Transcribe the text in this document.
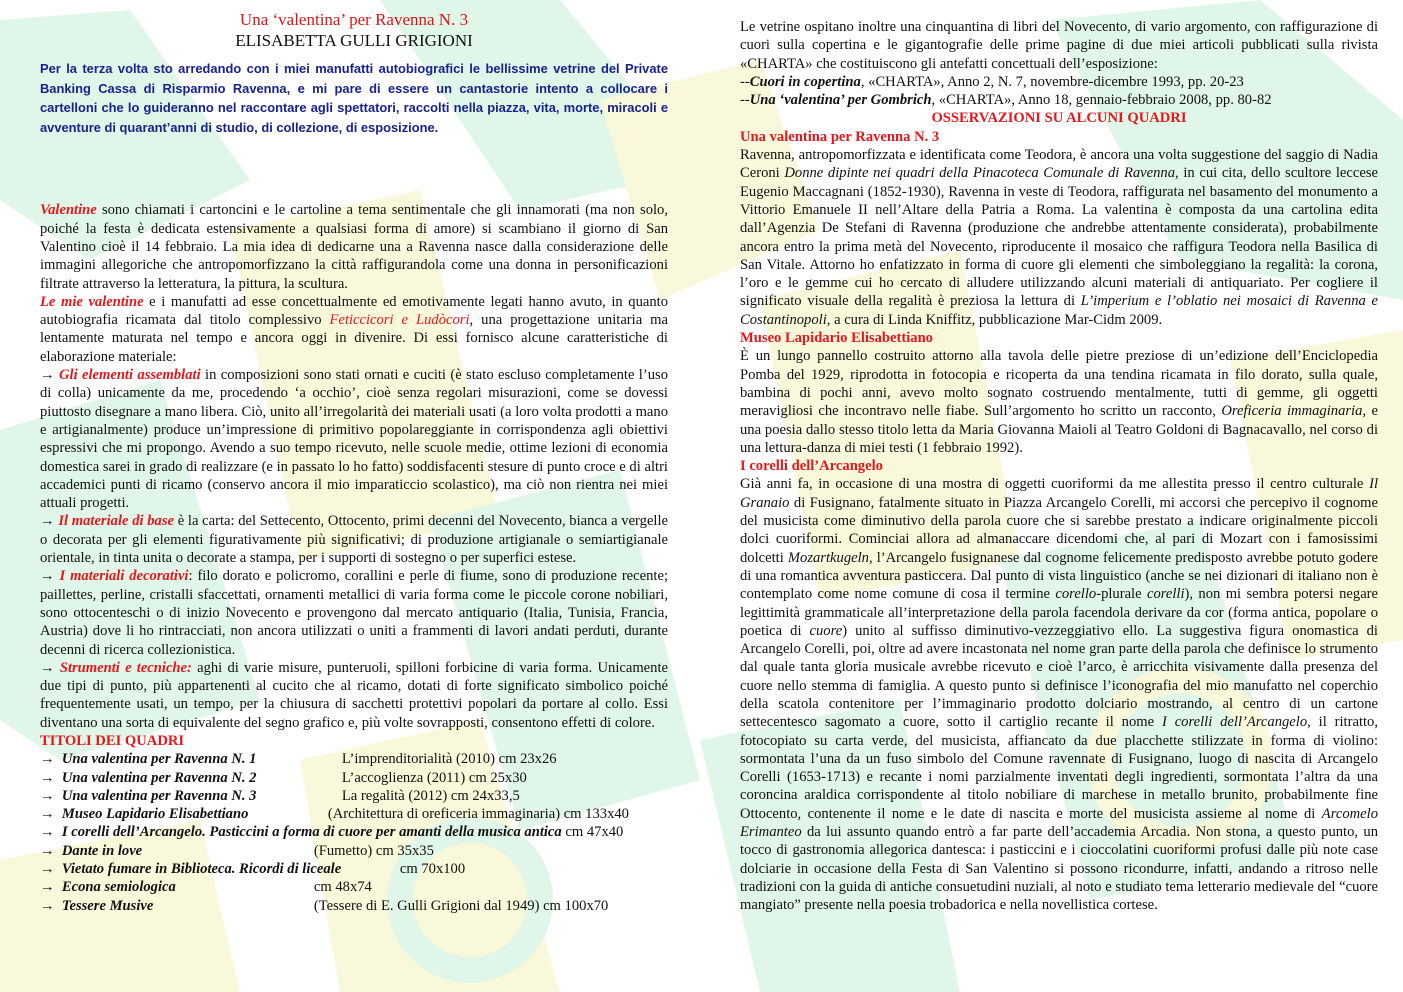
Una ‘valentina’ per Ravenna N. 3
ELISABETTA GULLI GRIGIONI

Per la terza volta sto arredando con i miei manufatti autobiografici le bellissime vetrine del Private Banking Cassa di Risparmio Ravenna, e mi pare di essere un cantastorie intento a collocare i cartelloni che lo guideranno nel raccontare agli spettatori, raccolti nella piazza, vita, morte, miracoli e avventure di quarant’anni di studio, di collezione, di esposizione.

Valentine sono chiamati i cartoncini e le cartoline a tema sentimentale che gli innamorati (ma non solo, poiché la festa è dedicata estensivamente a qualsiasi forma di amore) si scambiano il giorno di San Valentino cioè il 14 febbraio. La mia idea di dedicarne una a Ravenna nasce dalla considerazione delle immagini allegoriche che antropomorfizzano la città raffigurandola come una donna in personificazioni filtrate attraverso la letteratura, la pittura, la scultura.

Le mie valentine e i manufatti ad esse concettualmente ed emotivamente legati hanno avuto, in quanto autobiografia ricamata dal titolo complessivo Feticcicori e Ludòcori, una progettazione unitaria ma lentamente maturata nel tempo e ancora oggi in divenire. Di essi fornisco alcune caratteristiche di elaborazione materiale:

→ Gli elementi assemblati in composizioni sono stati ornati e cuciti (è stato escluso completamente l’uso di colla) unicamente da me, procedendo ‘a occhio’, cioè senza regolari misurazioni, come se dovessi piuttosto disegnare a mano libera. Ciò, unito all’irregolarità dei materiali usati (a loro volta prodotti a mano e artigianalmente) produce un’impressione di primitivo popolareggiante in corrispondenza agli obiettivi espressivi che mi propongo. Avendo a suo tempo ricevuto, nelle scuole medie, ottime lezioni di economia domestica sarei in grado di realizzare (e in passato lo ho fatto) soddisfacenti stesure di punto croce e di altri accademici punti di ricamo (conservo ancora il mio imparaticcio scolastico), ma ciò non rientra nei miei attuali progetti.

→ Il materiale di base è la carta: del Settecento, Ottocento, primi decenni del Novecento, bianca a vergelle o decorata per gli elementi figurativamente più significativi; di produzione artigianale o semiartigianale orientale, in tinta unita o decorate a stampa, per i supporti di sostegno o per superfici estese.

→ I materiali decorativi: filo dorato e policromo, corallini e perle di fiume, sono di produzione recente; paillettes, perline, cristalli sfaccettati, ornamenti metallici di varia forma come le piccole corone nobiliari, sono ottocenteschi o di inizio Novecento e provengono dal mercato antiquario (Italia, Tunisia, Francia, Austria) dove li ho rintracciati, non ancora utilizzati o uniti a frammenti di lavori andati perduti, durante decenni di ricerca collezionistica.

→ Strumenti e tecniche: aghi di varie misure, punteruoli, spilloni forbicine di varia forma. Unicamente due tipi di punto, più appartenenti al cucito che al ricamo, dotati di forte significato simbolico poiché frequentemente usati, un tempo, per la chiusura di sacchetti protettivi popolari da portare al collo. Essi diventano una sorta di equivalente del segno grafico e, più volte sovrapposti, consentono effetti di colore.

TITOLI DEI QUADRI

→
Una valentina per Ravenna N. 1	L’imprenditorialità (2010) cm 23x26
→
Una valentina per Ravenna N. 2	L’accoglienza (2011) cm 25x30
→
Una valentina per Ravenna N. 3	La regalità (2012) cm 24x33,5
→
Museo Lapidario Elisabettiano	(Architettura di oreficeria immaginaria) cm 133x40
→
I corelli dell’Arcangelo. Pasticcini a forma di cuore per amanti della musica antica
cm 47x40
→
Dante in love	(Fumetto) cm 35x35
→
Vietato fumare in Biblioteca. Ricordi di liceale	cm 70x100
→
Econa semiologica	cm 48x74
→
Tessere Musive	(Tessere di E. Gulli Grigioni dal 1949) cm 100x70

Le vetrine ospitano inoltre una cinquantina di libri del Novecento, di vario argomento, con raffigurazione di cuori sulla copertina e le gigantografie delle prime pagine di due miei articoli pubblicati sulla rivista «CHARTA» che costituiscono gli antefatti concettuali dell’esposizione:

--Cuori in copertina, «CHARTA», Anno 2, N. 7, novembre-dicembre 1993, pp. 20-23

--Una ‘valentina’ per Gombrich, «CHARTA», Anno 18, gennaio-febbraio 2008, pp. 80-82

OSSERVAZIONI SU ALCUNI QUADRI

Una valentina per Ravenna N. 3

Ravenna, antropomorfizzata e identificata come Teodora, è ancora una volta suggestione del saggio di Nadia Ceroni Donne dipinte nei quadri della Pinacoteca Comunale di Ravenna, in cui cita, dello scultore leccese Eugenio Maccagnani (1852-1930), Ravenna in veste di Teodora, raffigurata nel basamento del monumento a Vittorio Emanuele II nell’Altare della Patria a Roma. La valentina è composta da una cartolina edita dall’Agenzia De Stefani di Ravenna (produzione che andrebbe attentamente considerata), probabilmente ancora entro la prima metà del Novecento, riproducente il mosaico che raffigura Teodora nella Basilica di San Vitale. Attorno ho enfatizzato in forma di cuore gli elementi che simboleggiano la regalità: la corona, l’oro e le gemme cui ho cercato di alludere utilizzando alcuni materiali di antiquariato. Per cogliere il significato visuale della regalità è preziosa la lettura di L’imperium e l’oblatio nei mosaici di Ravenna e Costantinopoli, a cura di Linda Kniffitz, pubblicazione Mar-Cidm 2009.

Museo Lapidario Elisabettiano

È un lungo pannello costruito attorno alla tavola delle pietre preziose di un’edizione dell’Enciclopedia Pomba del 1929, riprodotta in fotocopia e ricoperta da una tendina ricamata in filo dorato, sulla quale, bambina di pochi anni, avevo molto sognato costruendo mentalmente, tutti di gemme, gli oggetti meravigliosi che incontravo nelle fiabe. Sull’argomento ho scritto un racconto, Oreficeria immaginaria, e una poesia dallo stesso titolo letta da Maria Giovanna Maioli al Teatro Goldoni di Bagnacavallo, nel corso di una lettura-danza di miei testi (1 febbraio 1992).

I corelli dell’Arcangelo

Già anni fa, in occasione di una mostra di oggetti cuoriformi da me allestita presso il centro culturale Il Granaio di Fusignano, fatalmente situato in Piazza Arcangelo Corelli, mi accorsi che percepivo il cognome del musicista come diminutivo della parola cuore che si sarebbe prestato a indicare originalmente piccoli dolci cuoriformi. Cominciai allora ad almanaccare dicendomi che, al pari di Mozart con i famosissimi dolcetti Mozartkugeln, l’Arcangelo fusignanese dal cognome felicemente predisposto avrebbe potuto godere di una romantica avventura pasticcera. Dal punto di vista linguistico (anche se nei dizionari di italiano non è contemplato come nome comune di cosa il termine corello-plurale corelli), non mi sembra potersi negare legittimità grammaticale all’interpretazione della parola facendola derivare da cor (forma antica, popolare o poetica di cuore) unito al suffisso diminutivo-vezzeggiativo ello. La suggestiva figura onomastica di Arcangelo Corelli, poi, oltre ad avere incastonata nel nome gran parte della parola che definisce lo strumento dal quale tanta gloria musicale avrebbe ricevuto e cioè l’arco, è arricchita visivamente dalla presenza del cuore nello stemma di famiglia. A questo punto si definisce l’iconografia del mio manufatto nel coperchio della scatola contenitore per l’immaginario prodotto dolciario mostrando, al centro di un cartone settecentesco sagomato a cuore, sotto il cartiglio recante il nome I corelli dell’Arcangelo, il ritratto, fotocopiato su carta verde, del musicista, affiancato da due placchette stilizzate in forma di violino: sormontata l’una da un fuso simbolo del Comune ravennate di Fusignano, luogo di nascita di Arcangelo Corelli (1653-1713) e recante i nomi parzialmente inventati degli ingredienti, sormontata l’altra da una coroncina araldica corrispondente al titolo nobiliare di marchese in metallo brunito, probabilmente fine Ottocento, contenente il nome e le date di nascita e morte del musicista assieme al nome di Arcomelo Erimanteo da lui assunto quando entrò a far parte dell’accademia Arcadia. Non stona, a questo punto, un tocco di gastronomia allegorica dantesca: i pasticcini e i cioccolatini cuoriformi profusi dalle più note case dolciarie in occasione della Festa di San Valentino si possono ricondurre, infatti, andando a ritroso nelle tradizioni con la guida di antiche consuetudini nuziali, al noto e studiato tema letterario medievale del “cuore mangiato” presente nella poesia trobadorica e nella novellistica cortese.
